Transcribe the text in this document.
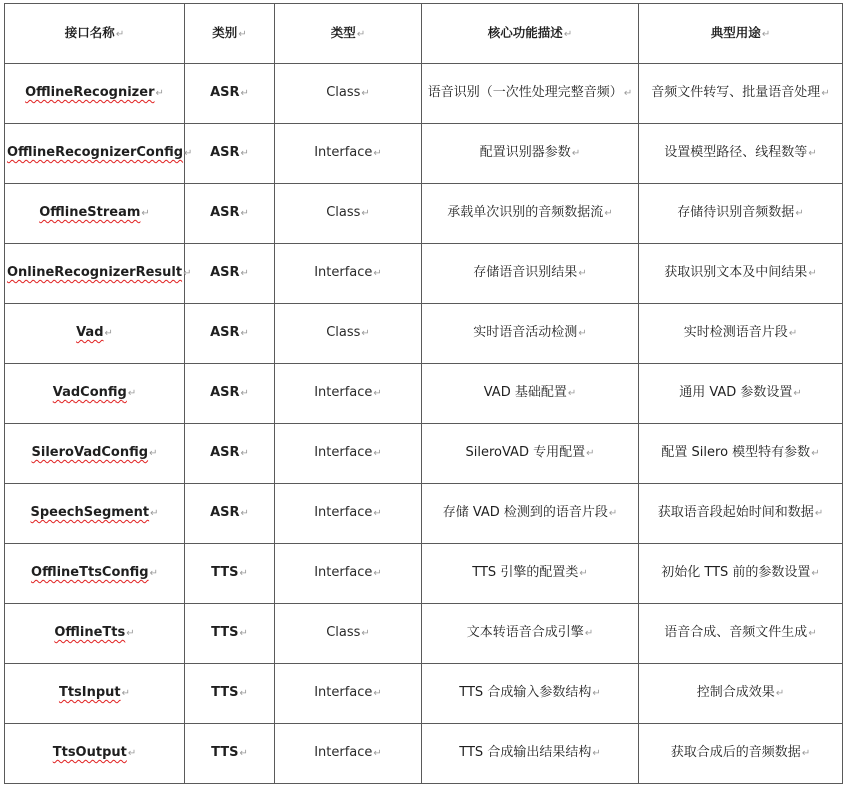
接口名称↵	类别↵	类型↵	核心功能描述↵	典型用途↵
OfflineRecognizer↵	ASR↵	Class↵	语音识别（一次性处理完整音频）↵	音频文件转写、批量语音处理↵
OfflineRecognizerConfig↵	ASR↵	Interface↵	配置识别器参数↵	设置模型路径、线程数等↵
OfflineStream↵	ASR↵	Class↵	承载单次识别的音频数据流↵	存储待识别音频数据↵
OnlineRecognizerResult↵	ASR↵	Interface↵	存储语音识别结果↵	获取识别文本及中间结果↵
Vad↵	ASR↵	Class↵	实时语音活动检测↵	实时检测语音片段↵
VadConfig↵	ASR↵	Interface↵	VAD 基础配置↵	通用 VAD 参数设置↵
SileroVadConfig↵	ASR↵	Interface↵	SileroVAD 专用配置↵	配置 Silero 模型特有参数↵
SpeechSegment↵	ASR↵	Interface↵	存储 VAD 检测到的语音片段↵	获取语音段起始时间和数据↵
OfflineTtsConfig↵	TTS↵	Interface↵	TTS 引擎的配置类↵	初始化 TTS 前的参数设置↵
OfflineTts↵	TTS↵	Class↵	文本转语音合成引擎↵	语音合成、音频文件生成↵
TtsInput↵	TTS↵	Interface↵	TTS 合成输入参数结构↵	控制合成效果↵
TtsOutput↵	TTS↵	Interface↵	TTS 合成输出结果结构↵	获取合成后的音频数据↵
